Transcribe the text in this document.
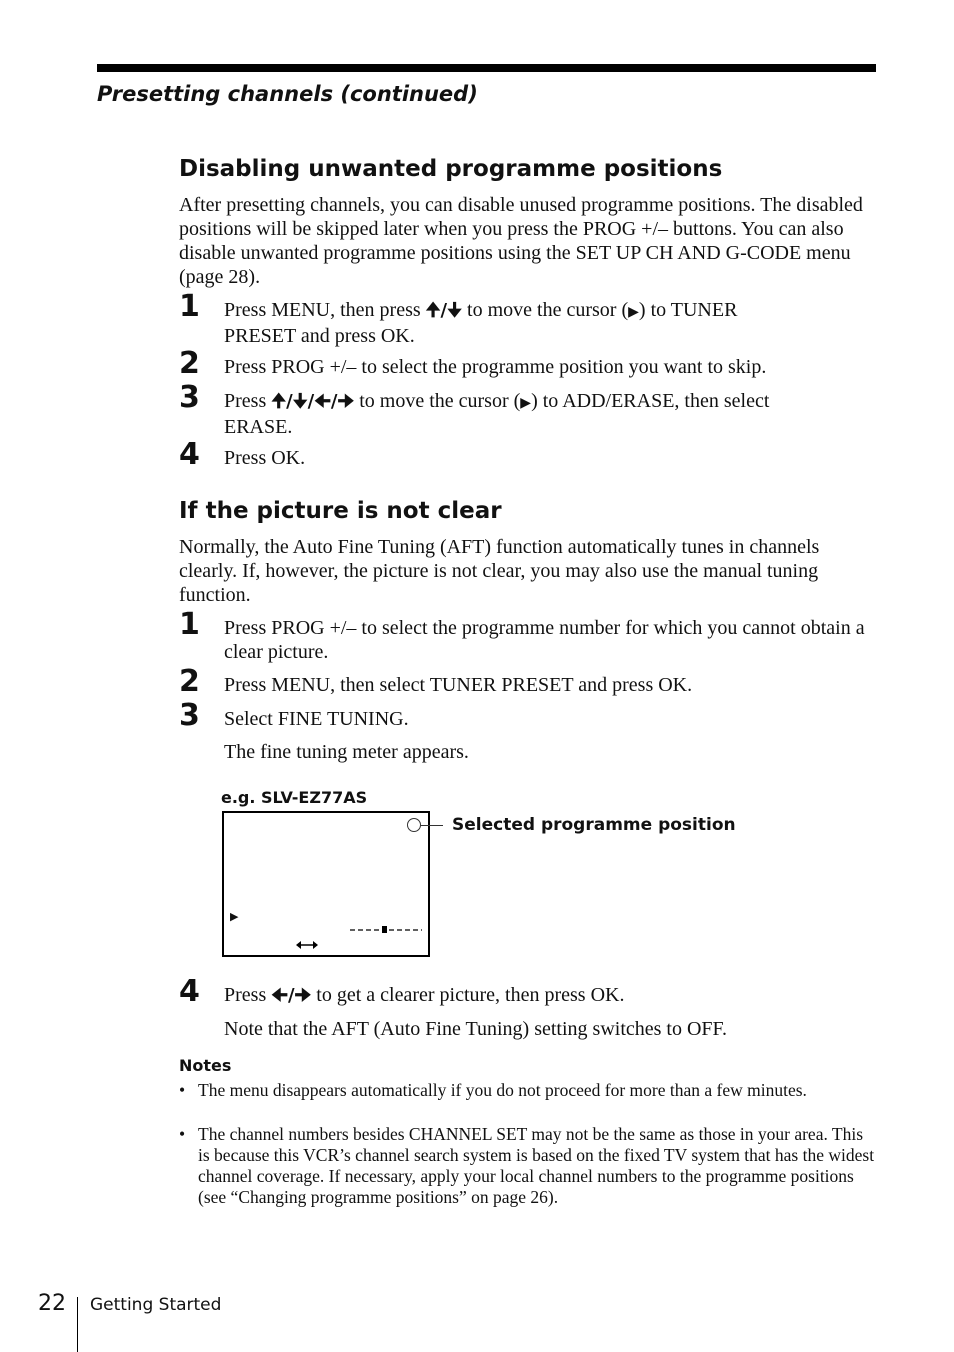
Presetting channels (continued)
Disabling unwanted programme positions

After presetting channels, you can disable unused programme positions. The disabled positions will be skipped later when you press the PROG +/– buttons. You can also disable unwanted programme positions using the SET UP CH AND G-CODE menu (page 28).

1 Press MENU, then press 🠉/🠋 to move the cursor (▶) to TUNER
PRESET and press OK.
2 Press PROG +/– to select the programme position you want to skip.
3 Press 🠉/🠋/🠈/🠊 to move the cursor (▶) to ADD/ERASE, then select
ERASE.
4 Press OK.
If the picture is not clear

Normally, the Auto Fine Tuning (AFT) function automatically tunes in channels clearly. If, however, the picture is not clear, you may also use the manual tuning function.

1 Press PROG +/– to select the programme number for which you cannot obtain a clear picture.
2 Press MENU, then select TUNER PRESET and press OK.
3 Select FINE TUNING.
The fine tuning meter appears.
e.g. SLV-EZ77AS
Selected programme position
▶
4 Press 🠈/🠊 to get a clearer picture, then press OK.
Note that the AFT (Auto Fine Tuning) setting switches to OFF.
Notes
• The menu disappears automatically if you do not proceed for more than a few minutes.
• The channel numbers besides CHANNEL SET may not be the same as those in your area. This is because this VCR’s channel search system is based on the fixed TV system that has the widest channel coverage. If necessary, apply your local channel numbers to the programme positions (see “Changing programme positions” on page 26).
22 Getting Started
